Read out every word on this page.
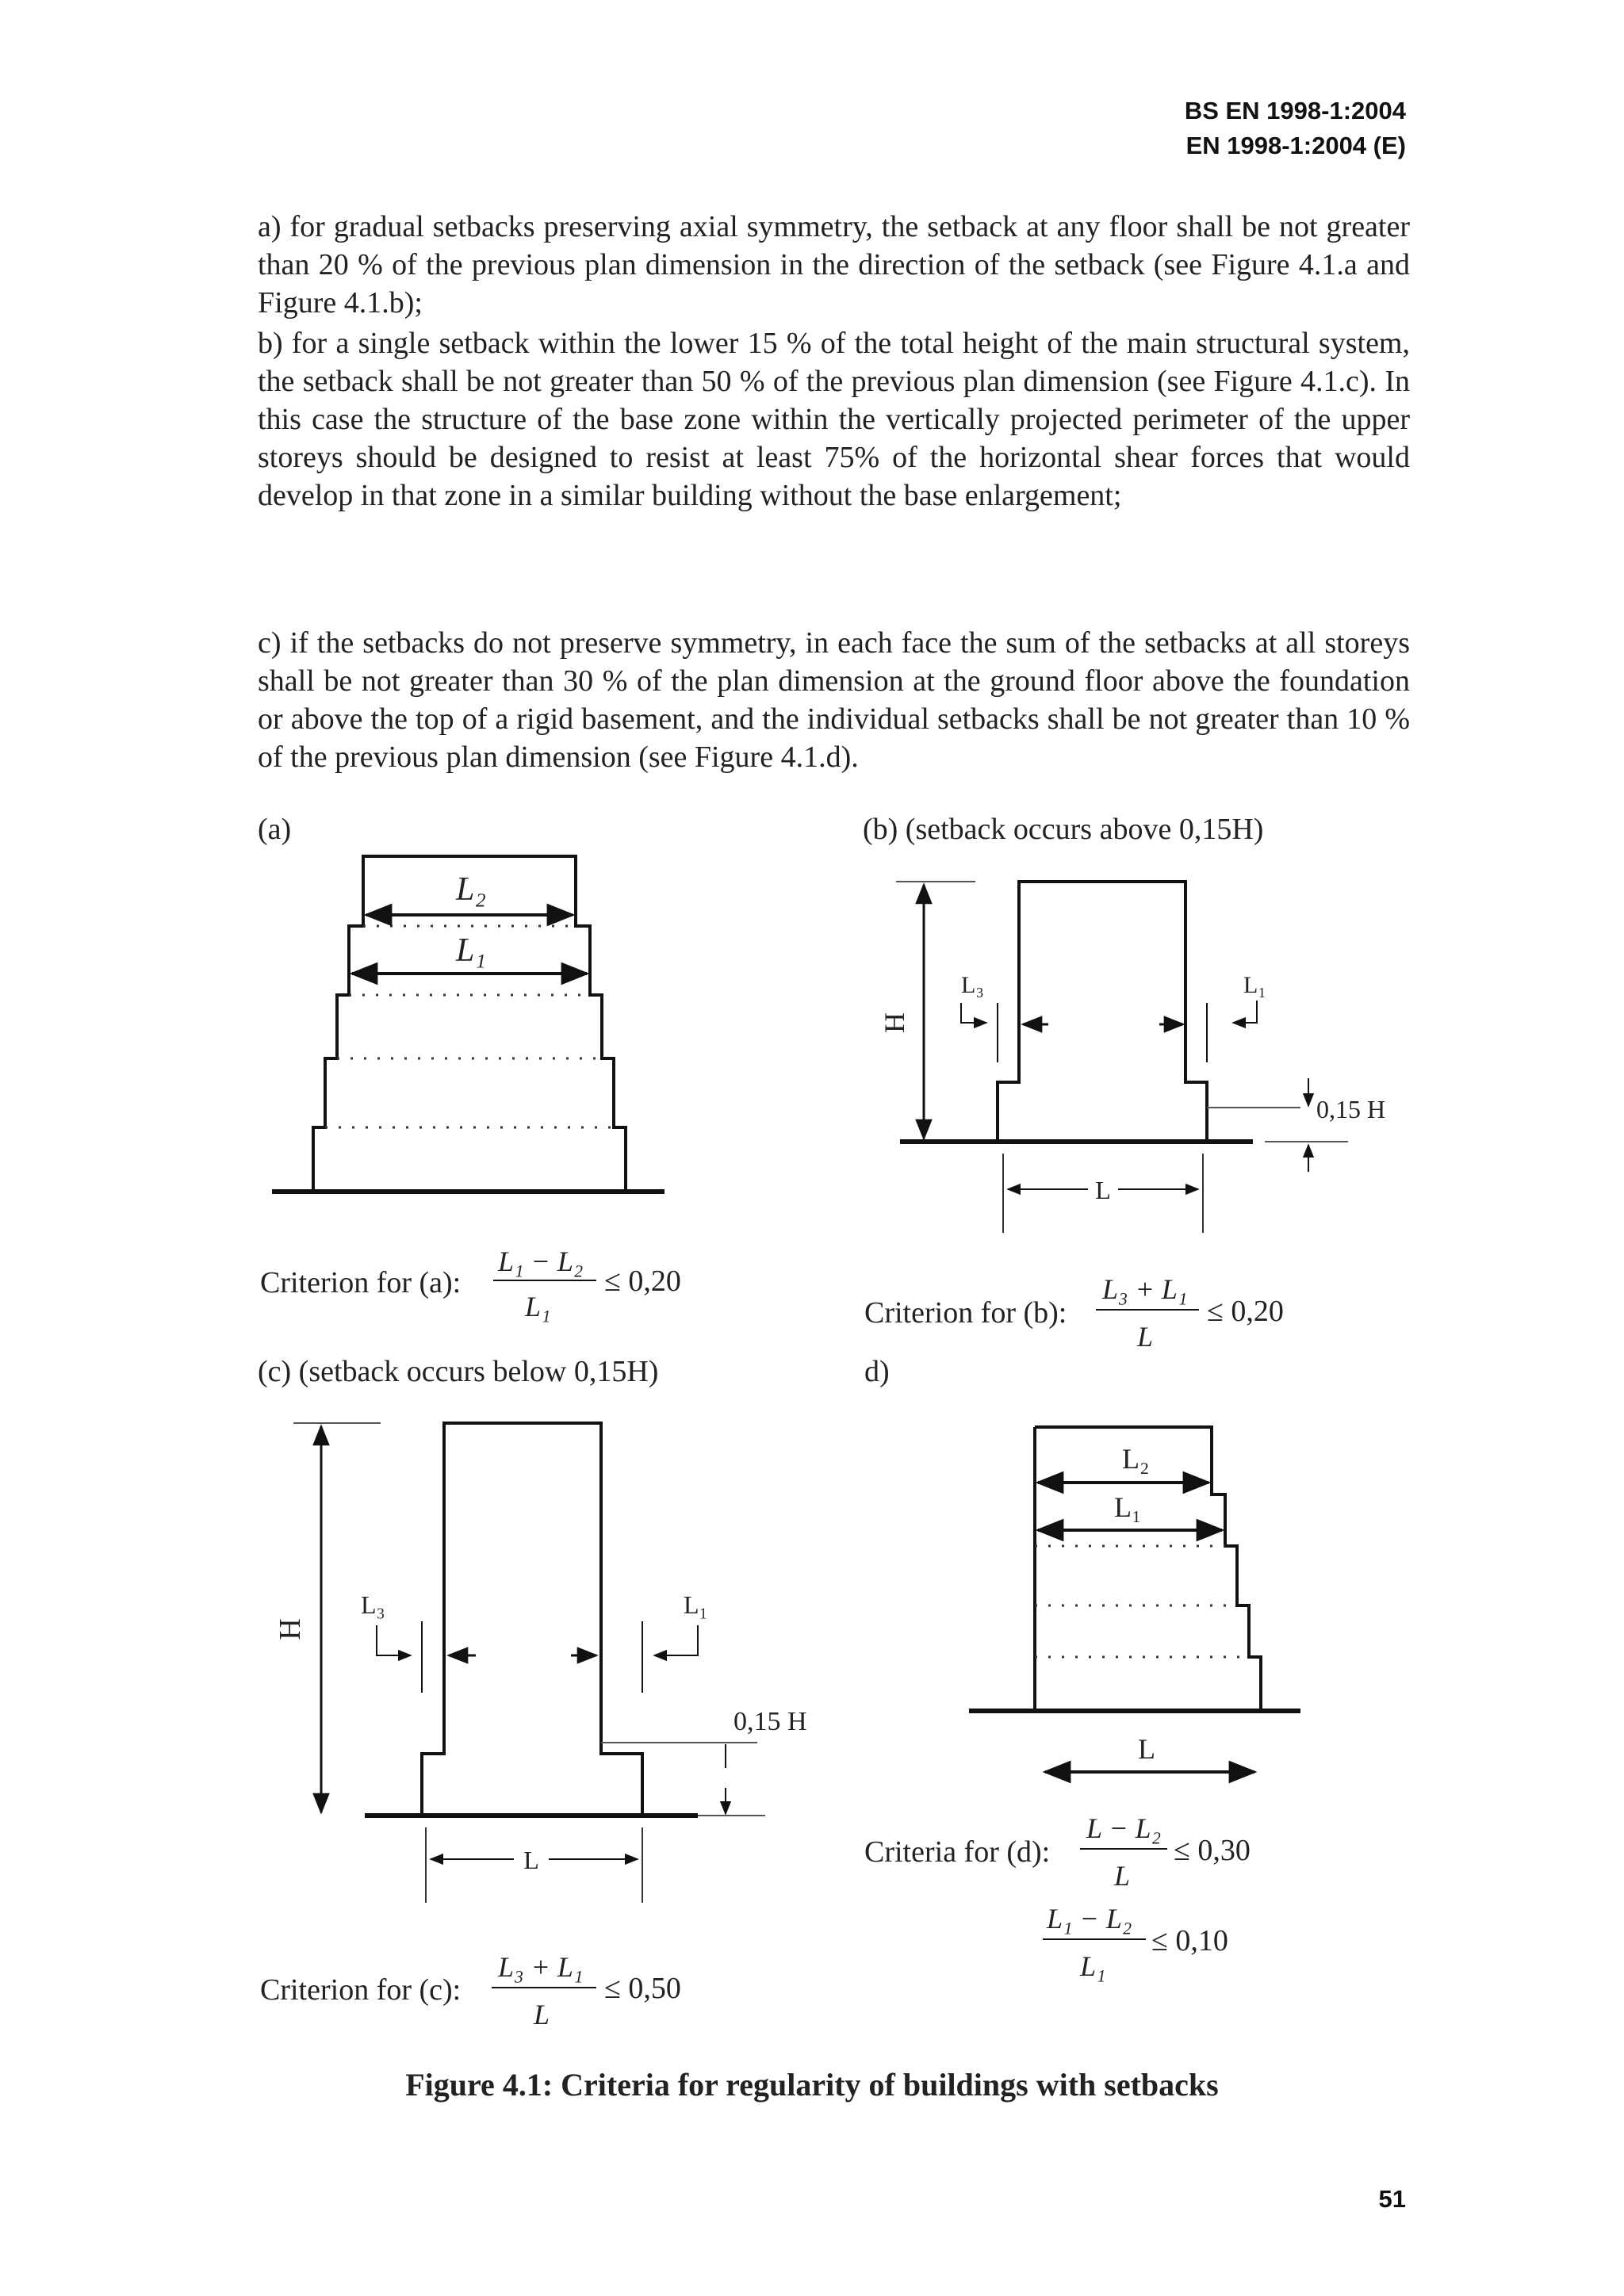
BS EN 1998-1:2004
EN 1998-1:2004 (E)

a) for gradual setbacks preserving axial symmetry, the setback at any floor shall be not greater than 20 % of the previous plan dimension in the direction of the setback (see Figure 4.1.a and Figure 4.1.b);

b) for a single setback within the lower 15 % of the total height of the main structural system, the setback shall be not greater than 50 % of the previous plan dimension (see Figure 4.1.c). In this case the structure of the base zone within the vertically projected perimeter of the upper storeys should be designed to resist at least 75% of the horizontal shear forces that would develop in that zone in a similar building without the base enlargement;

c) if the setbacks do not preserve symmetry, in each face the sum of the setbacks at all storeys shall be not greater than 30 % of the plan dimension at the ground floor above the foundation or above the top of a rigid basement, and the individual setbacks shall be not greater than 10 % of the previous plan dimension (see Figure 4.1.d).

(a)
L₂
L₁
Criterion for (a):
L₁ − L₂
L₁
≤ 0,20
(b) (setback occurs above 0,15H)
H
L₃	L₁
0,15 H
L
Criterion for (b):
L₃ + L₁
L
≤ 0,20
(c) (setback occurs below 0,15H)
H
L₃	L₁
0,15 H
L
Criterion for (c):
L₃ + L₁
L
≤ 0,50
d)
L₂
L₁
L
Criteria for (d):
L − L₂
L
≤ 0,30
L₁ − L₂
L₁
≤ 0,10
Figure 4.1: Criteria for regularity of buildings with setbacks
51
